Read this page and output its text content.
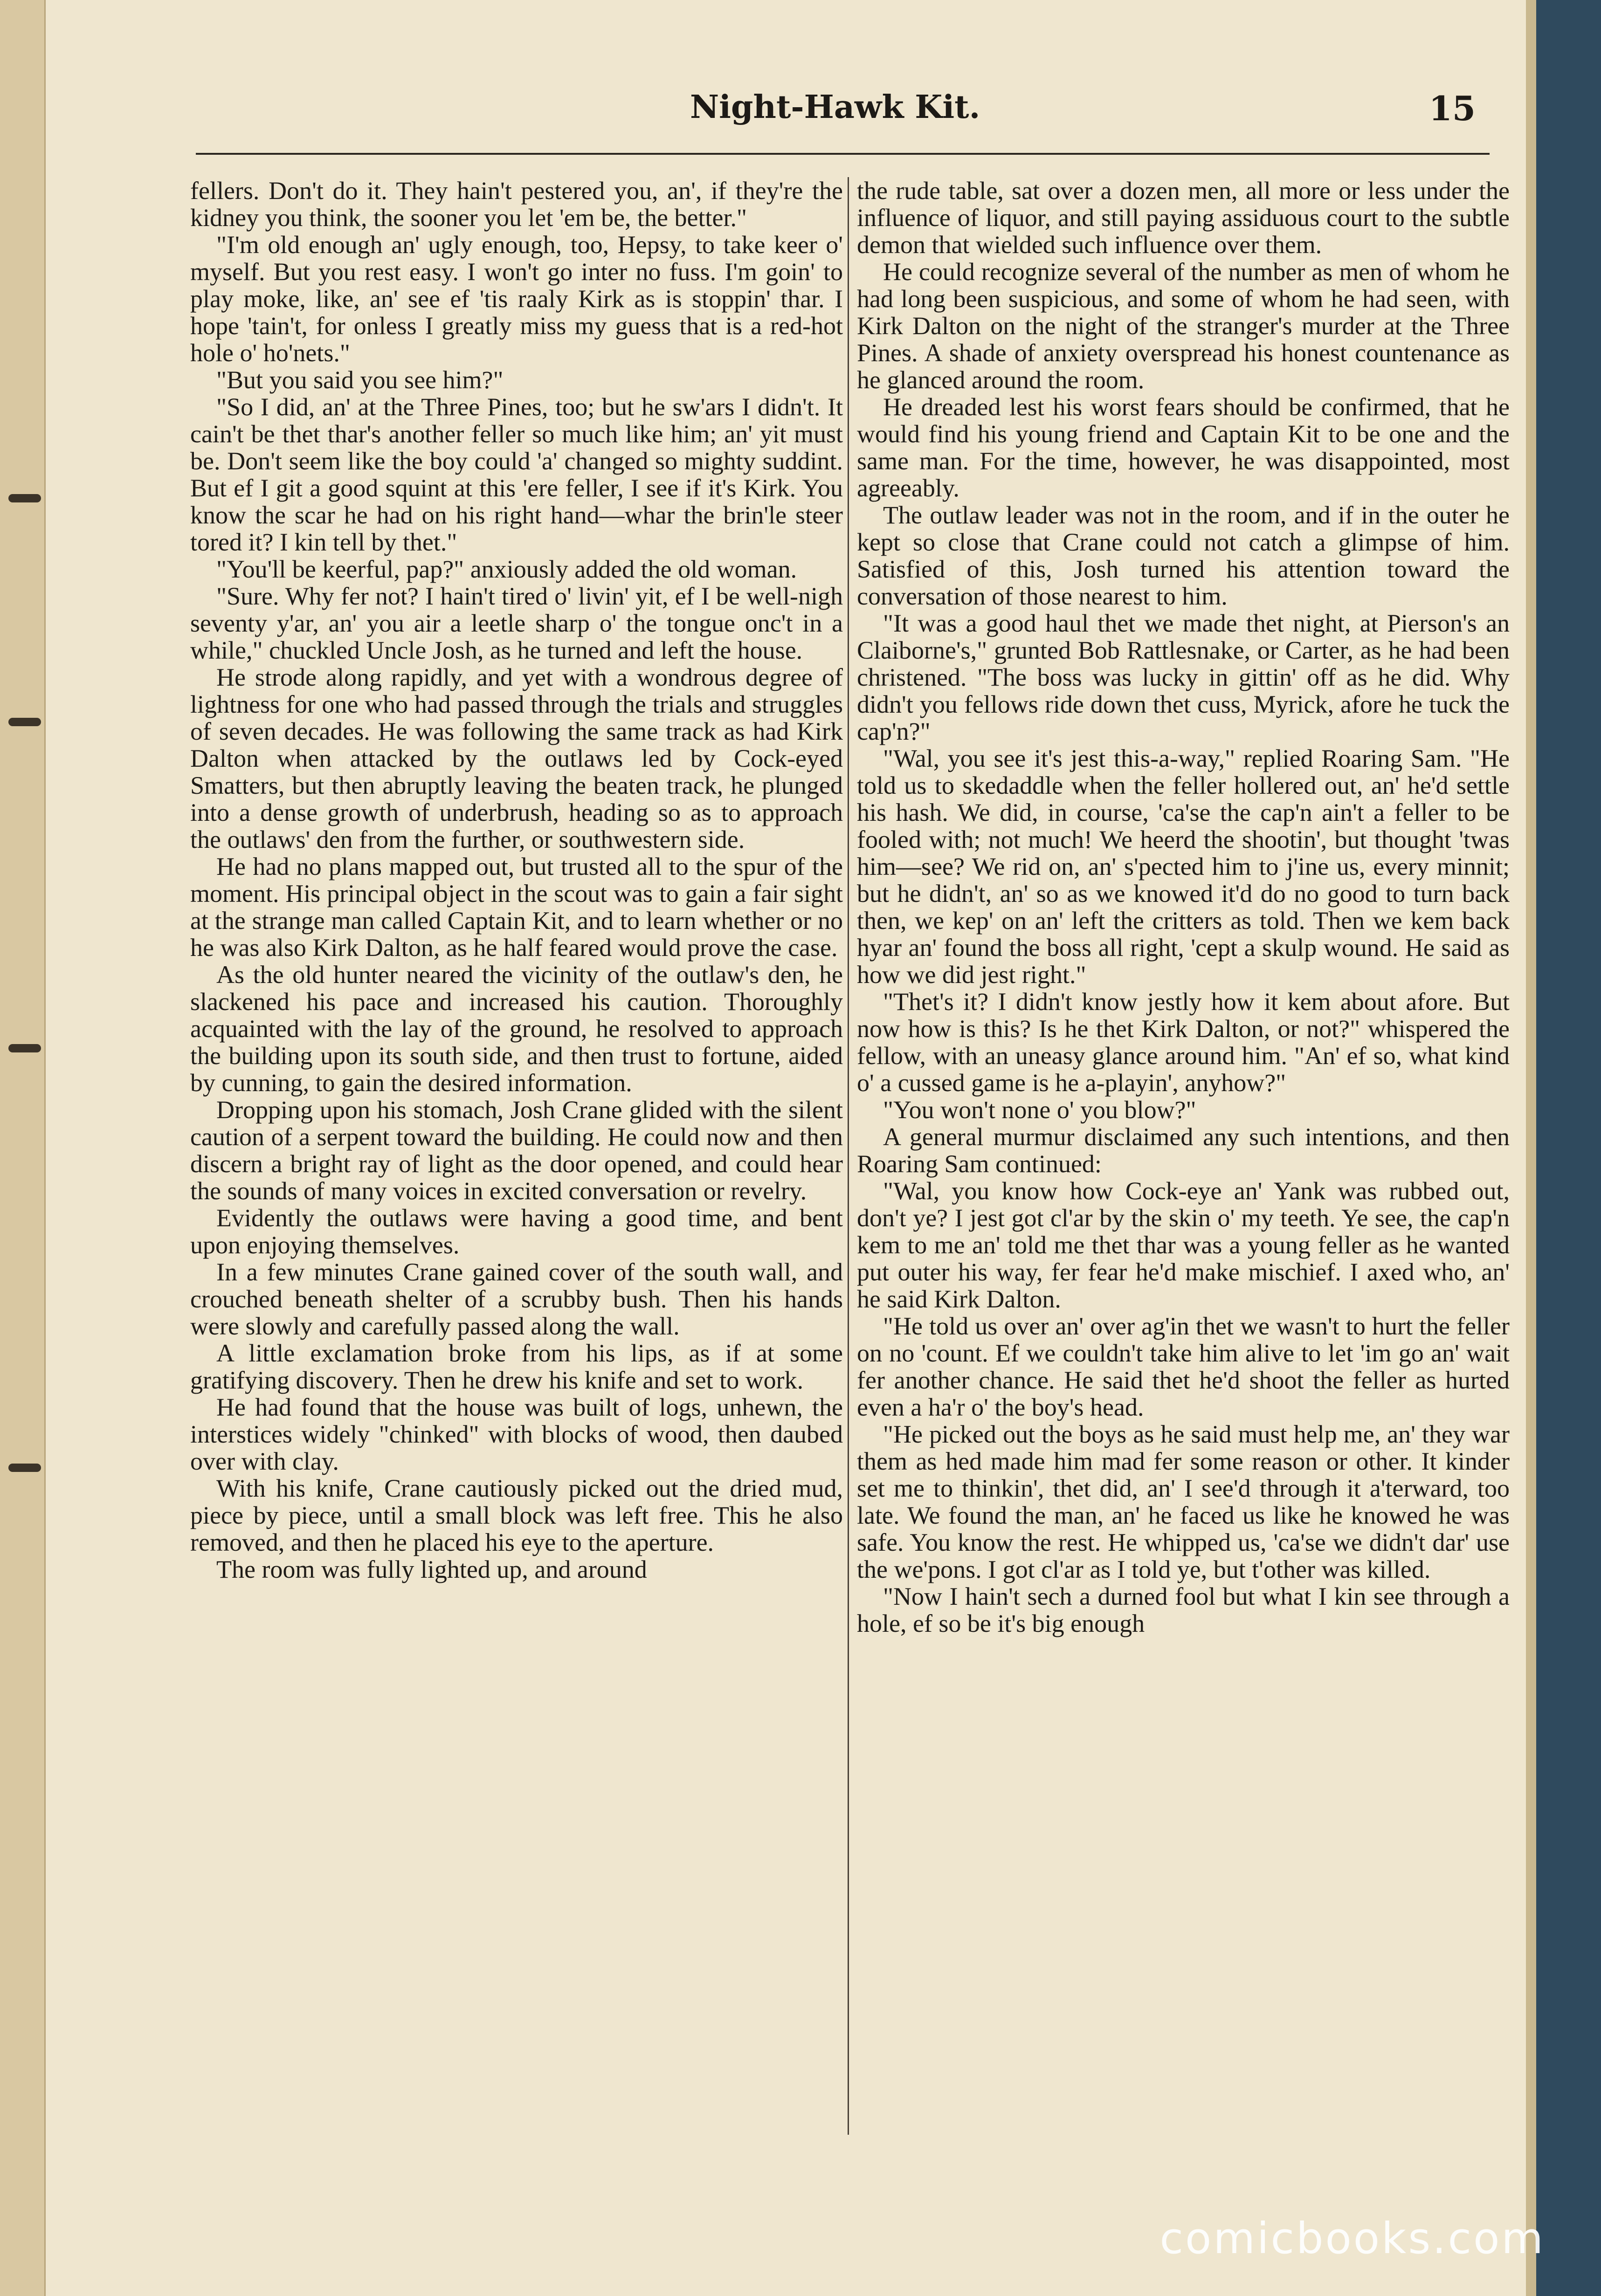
Night-Hawk Kit.	15

fellers. Don't do it. They hain't pestered you, an', if they're the kidney you think, the sooner you let 'em be, the better."

"I'm old enough an' ugly enough, too, Hepsy, to take keer o' myself. But you rest easy. I won't go inter no fuss. I'm goin' to play moke, like, an' see ef 'tis raaly Kirk as is stoppin' thar. I hope 'tain't, for onless I greatly miss my guess that is a red-hot hole o' ho'nets."

"But you said you see him?"

"So I did, an' at the Three Pines, too; but he sw'ars I didn't. It cain't be thet thar's another feller so much like him; an' yit must be. Don't seem like the boy could 'a' changed so mighty suddint. But ef I git a good squint at this 'ere feller, I see if it's Kirk. You know the scar he had on his right hand—whar the brin'le steer tored it? I kin tell by thet."

"You'll be keerful, pap?" anxiously added the old woman.

"Sure. Why fer not? I hain't tired o' livin' yit, ef I be well-nigh seventy y'ar, an' you air a leetle sharp o' the tongue onc't in a while," chuckled Uncle Josh, as he turned and left the house.

He strode along rapidly, and yet with a wondrous degree of lightness for one who had passed through the trials and struggles of seven decades. He was following the same track as had Kirk Dalton when attacked by the outlaws led by Cock-eyed Smatters, but then abruptly leaving the beaten track, he plunged into a dense growth of underbrush, heading so as to approach the outlaws' den from the further, or southwestern side.

He had no plans mapped out, but trusted all to the spur of the moment. His principal object in the scout was to gain a fair sight at the strange man called Captain Kit, and to learn whether or no he was also Kirk Dalton, as he half feared would prove the case.

As the old hunter neared the vicinity of the outlaw's den, he slackened his pace and increased his caution. Thoroughly acquainted with the lay of the ground, he resolved to approach the building upon its south side, and then trust to fortune, aided by cunning, to gain the desired information.

Dropping upon his stomach, Josh Crane glided with the silent caution of a serpent toward the building. He could now and then discern a bright ray of light as the door opened, and could hear the sounds of many voices in excited conversation or revelry.

Evidently the outlaws were having a good time, and bent upon enjoying themselves.

In a few minutes Crane gained cover of the south wall, and crouched beneath shelter of a scrubby bush. Then his hands were slowly and carefully passed along the wall.

A little exclamation broke from his lips, as if at some gratifying discovery. Then he drew his knife and set to work.

He had found that the house was built of logs, unhewn, the interstices widely "chinked" with blocks of wood, then daubed over with clay.

With his knife, Crane cautiously picked out the dried mud, piece by piece, until a small block was left free. This he also removed, and then he placed his eye to the aperture.

The room was fully lighted up, and around

the rude table, sat over a dozen men, all more or less under the influence of liquor, and still paying assiduous court to the subtle demon that wielded such influence over them.

He could recognize several of the number as men of whom he had long been suspicious, and some of whom he had seen, with Kirk Dalton on the night of the stranger's murder at the Three Pines. A shade of anxiety overspread his honest countenance as he glanced around the room.

He dreaded lest his worst fears should be confirmed, that he would find his young friend and Captain Kit to be one and the same man. For the time, however, he was disappointed, most agreeably.

The outlaw leader was not in the room, and if in the outer he kept so close that Crane could not catch a glimpse of him. Satisfied of this, Josh turned his attention toward the conversation of those nearest to him.

"It was a good haul thet we made thet night, at Pierson's an Claiborne's," grunted Bob Rattlesnake, or Carter, as he had been christened. "The boss was lucky in gittin' off as he did. Why didn't you fellows ride down thet cuss, Myrick, afore he tuck the cap'n?"

"Wal, you see it's jest this-a-way," replied Roaring Sam. "He told us to skedaddle when the feller hollered out, an' he'd settle his hash. We did, in course, 'ca'se the cap'n ain't a feller to be fooled with; not much! We heerd the shootin', but thought 'twas him—see? We rid on, an' s'pected him to j'ine us, every minnit; but he didn't, an' so as we knowed it'd do no good to turn back then, we kep' on an' left the critters as told. Then we kem back hyar an' found the boss all right, 'cept a skulp wound. He said as how we did jest right."

"Thet's it? I didn't know jestly how it kem about afore. But now how is this? Is he thet Kirk Dalton, or not?" whispered the fellow, with an uneasy glance around him. "An' ef so, what kind o' a cussed game is he a-playin', anyhow?"

"You won't none o' you blow?"

A general murmur disclaimed any such intentions, and then Roaring Sam continued:

"Wal, you know how Cock-eye an' Yank was rubbed out, don't ye? I jest got cl'ar by the skin o' my teeth. Ye see, the cap'n kem to me an' told me thet thar was a young feller as he wanted put outer his way, fer fear he'd make mischief. I axed who, an' he said Kirk Dalton.

"He told us over an' over ag'in thet we wasn't to hurt the feller on no 'count. Ef we couldn't take him alive to let 'im go an' wait fer another chance. He said thet he'd shoot the feller as hurted even a ha'r o' the boy's head.

"He picked out the boys as he said must help me, an' they war them as hed made him mad fer some reason or other. It kinder set me to thinkin', thet did, an' I see'd through it a'terward, too late. We found the man, an' he faced us like he knowed he was safe. You know the rest. He whipped us, 'ca'se we didn't dar' use the we'pons. I got cl'ar as I told ye, but t'other was killed.

"Now I hain't sech a durned fool but what I kin see through a hole, ef so be it's big enough

comicbooks.com
